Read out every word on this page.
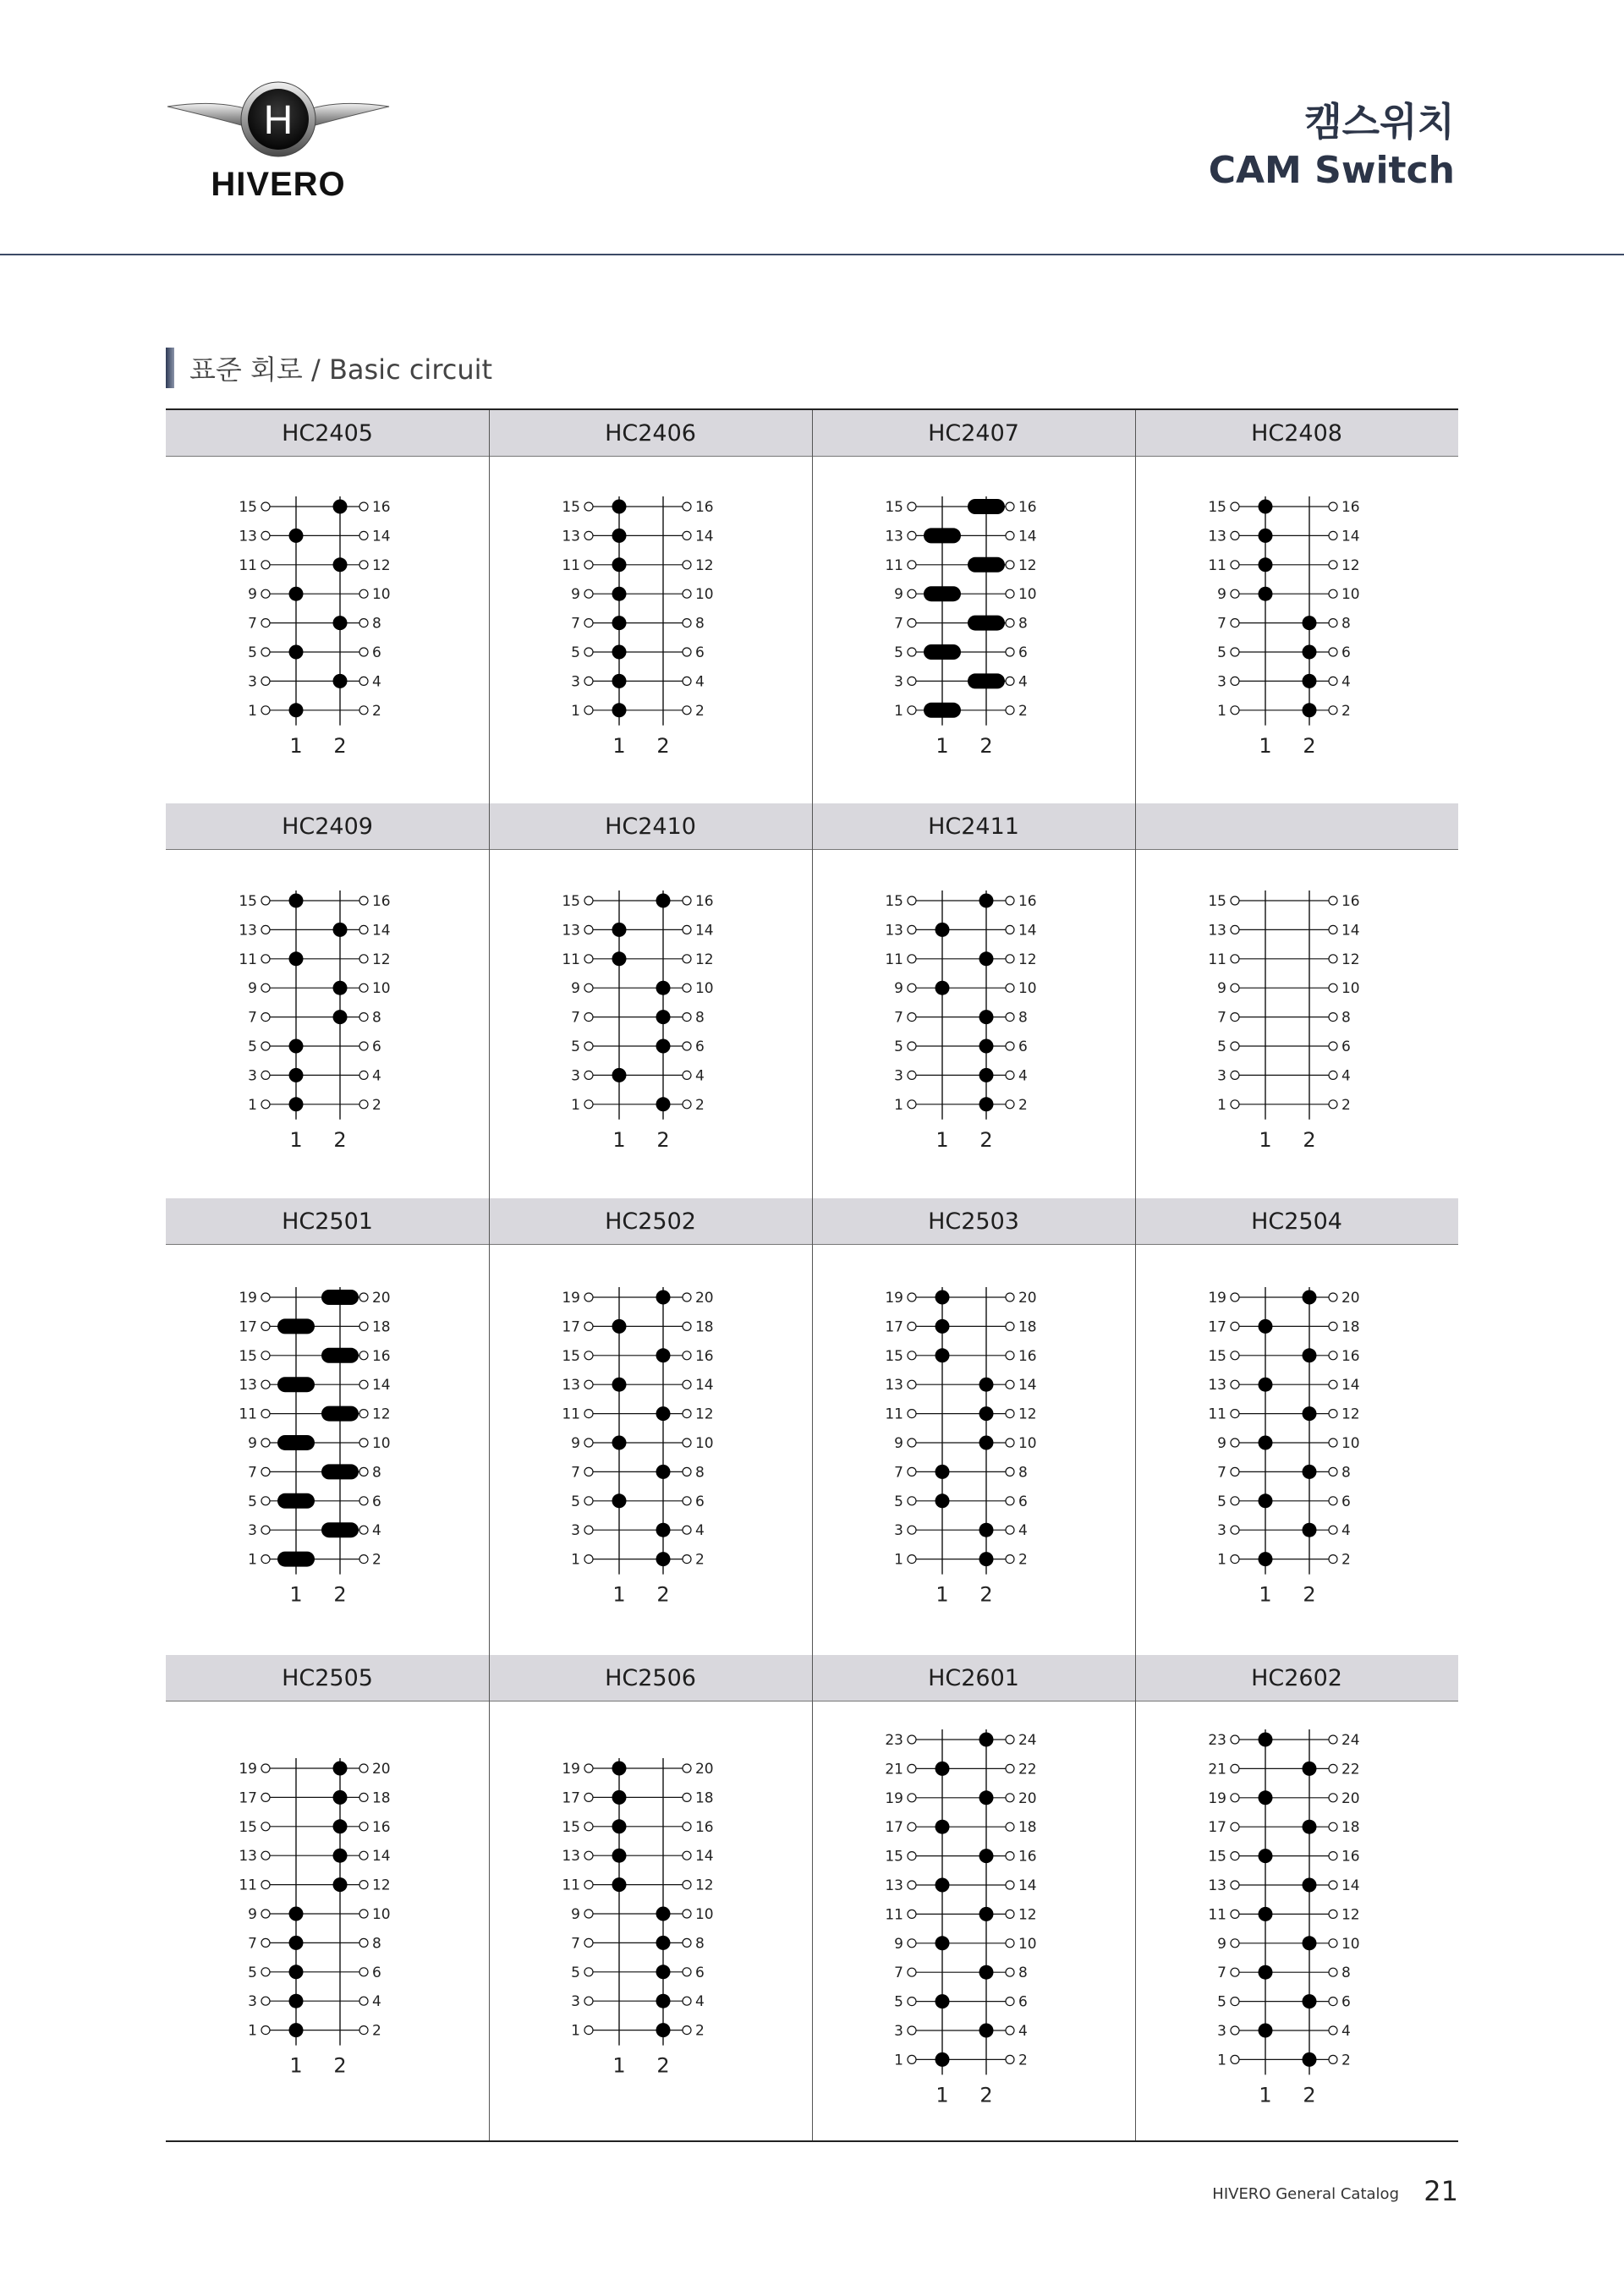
H
HIVERO
캠스위치
CAM Switch
표준 회로 / Basic circuit
HC2405
15	16
13	14
11	12
9	10
7	8
5	6
3	4
1	2
1 2
HC2406
15	16
13	14
11	12
9	10
7	8
5	6
3	4
1	2
1 2
HC2407
15	16
13	14
11	12
9	10
7	8
5	6
3	4
1	2
1 2
HC2408
15	16
13	14
11	12
9	10
7	8
5	6
3	4
1	2
1 2
HC2409
15	16
13	14
11	12
9	10
7	8
5	6
3	4
1	2
1 2
HC2410
15	16
13	14
11	12
9	10
7	8
5	6
3	4
1	2
1 2
HC2411
15	16
13	14
11	12
9	10
7	8
5	6
3	4
1	2
1 2
15	16
13	14
11	12
9	10
7	8
5	6
3	4
1	2
1 2
HC2501
19	20
17	18
15	16
13	14
11	12
9	10
7	8
5	6
3	4
1	2
1 2
HC2502
19	20
17	18
15	16
13	14
11	12
9	10
7	8
5	6
3	4
1	2
1 2
HC2503
19	20
17	18
15	16
13	14
11	12
9	10
7	8
5	6
3	4
1	2
1 2
HC2504
19	20
17	18
15	16
13	14
11	12
9	10
7	8
5	6
3	4
1	2
1 2
HC2505
19	20
17	18
15	16
13	14
11	12
9	10
7	8
5	6
3	4
1	2
1 2
HC2506
19	20
17	18
15	16
13	14
11	12
9	10
7	8
5	6
3	4
1	2
1 2
HC2601
23	24
21	22
19	20
17	18
15	16
13	14
11	12
9	10
7	8
5	6
3	4
1	2
1 2
HC2602
23	24
21	22
19	20
17	18
15	16
13	14
11	12
9	10
7	8
5	6
3	4
1	2
1 2
HIVERO General Catalog 21
